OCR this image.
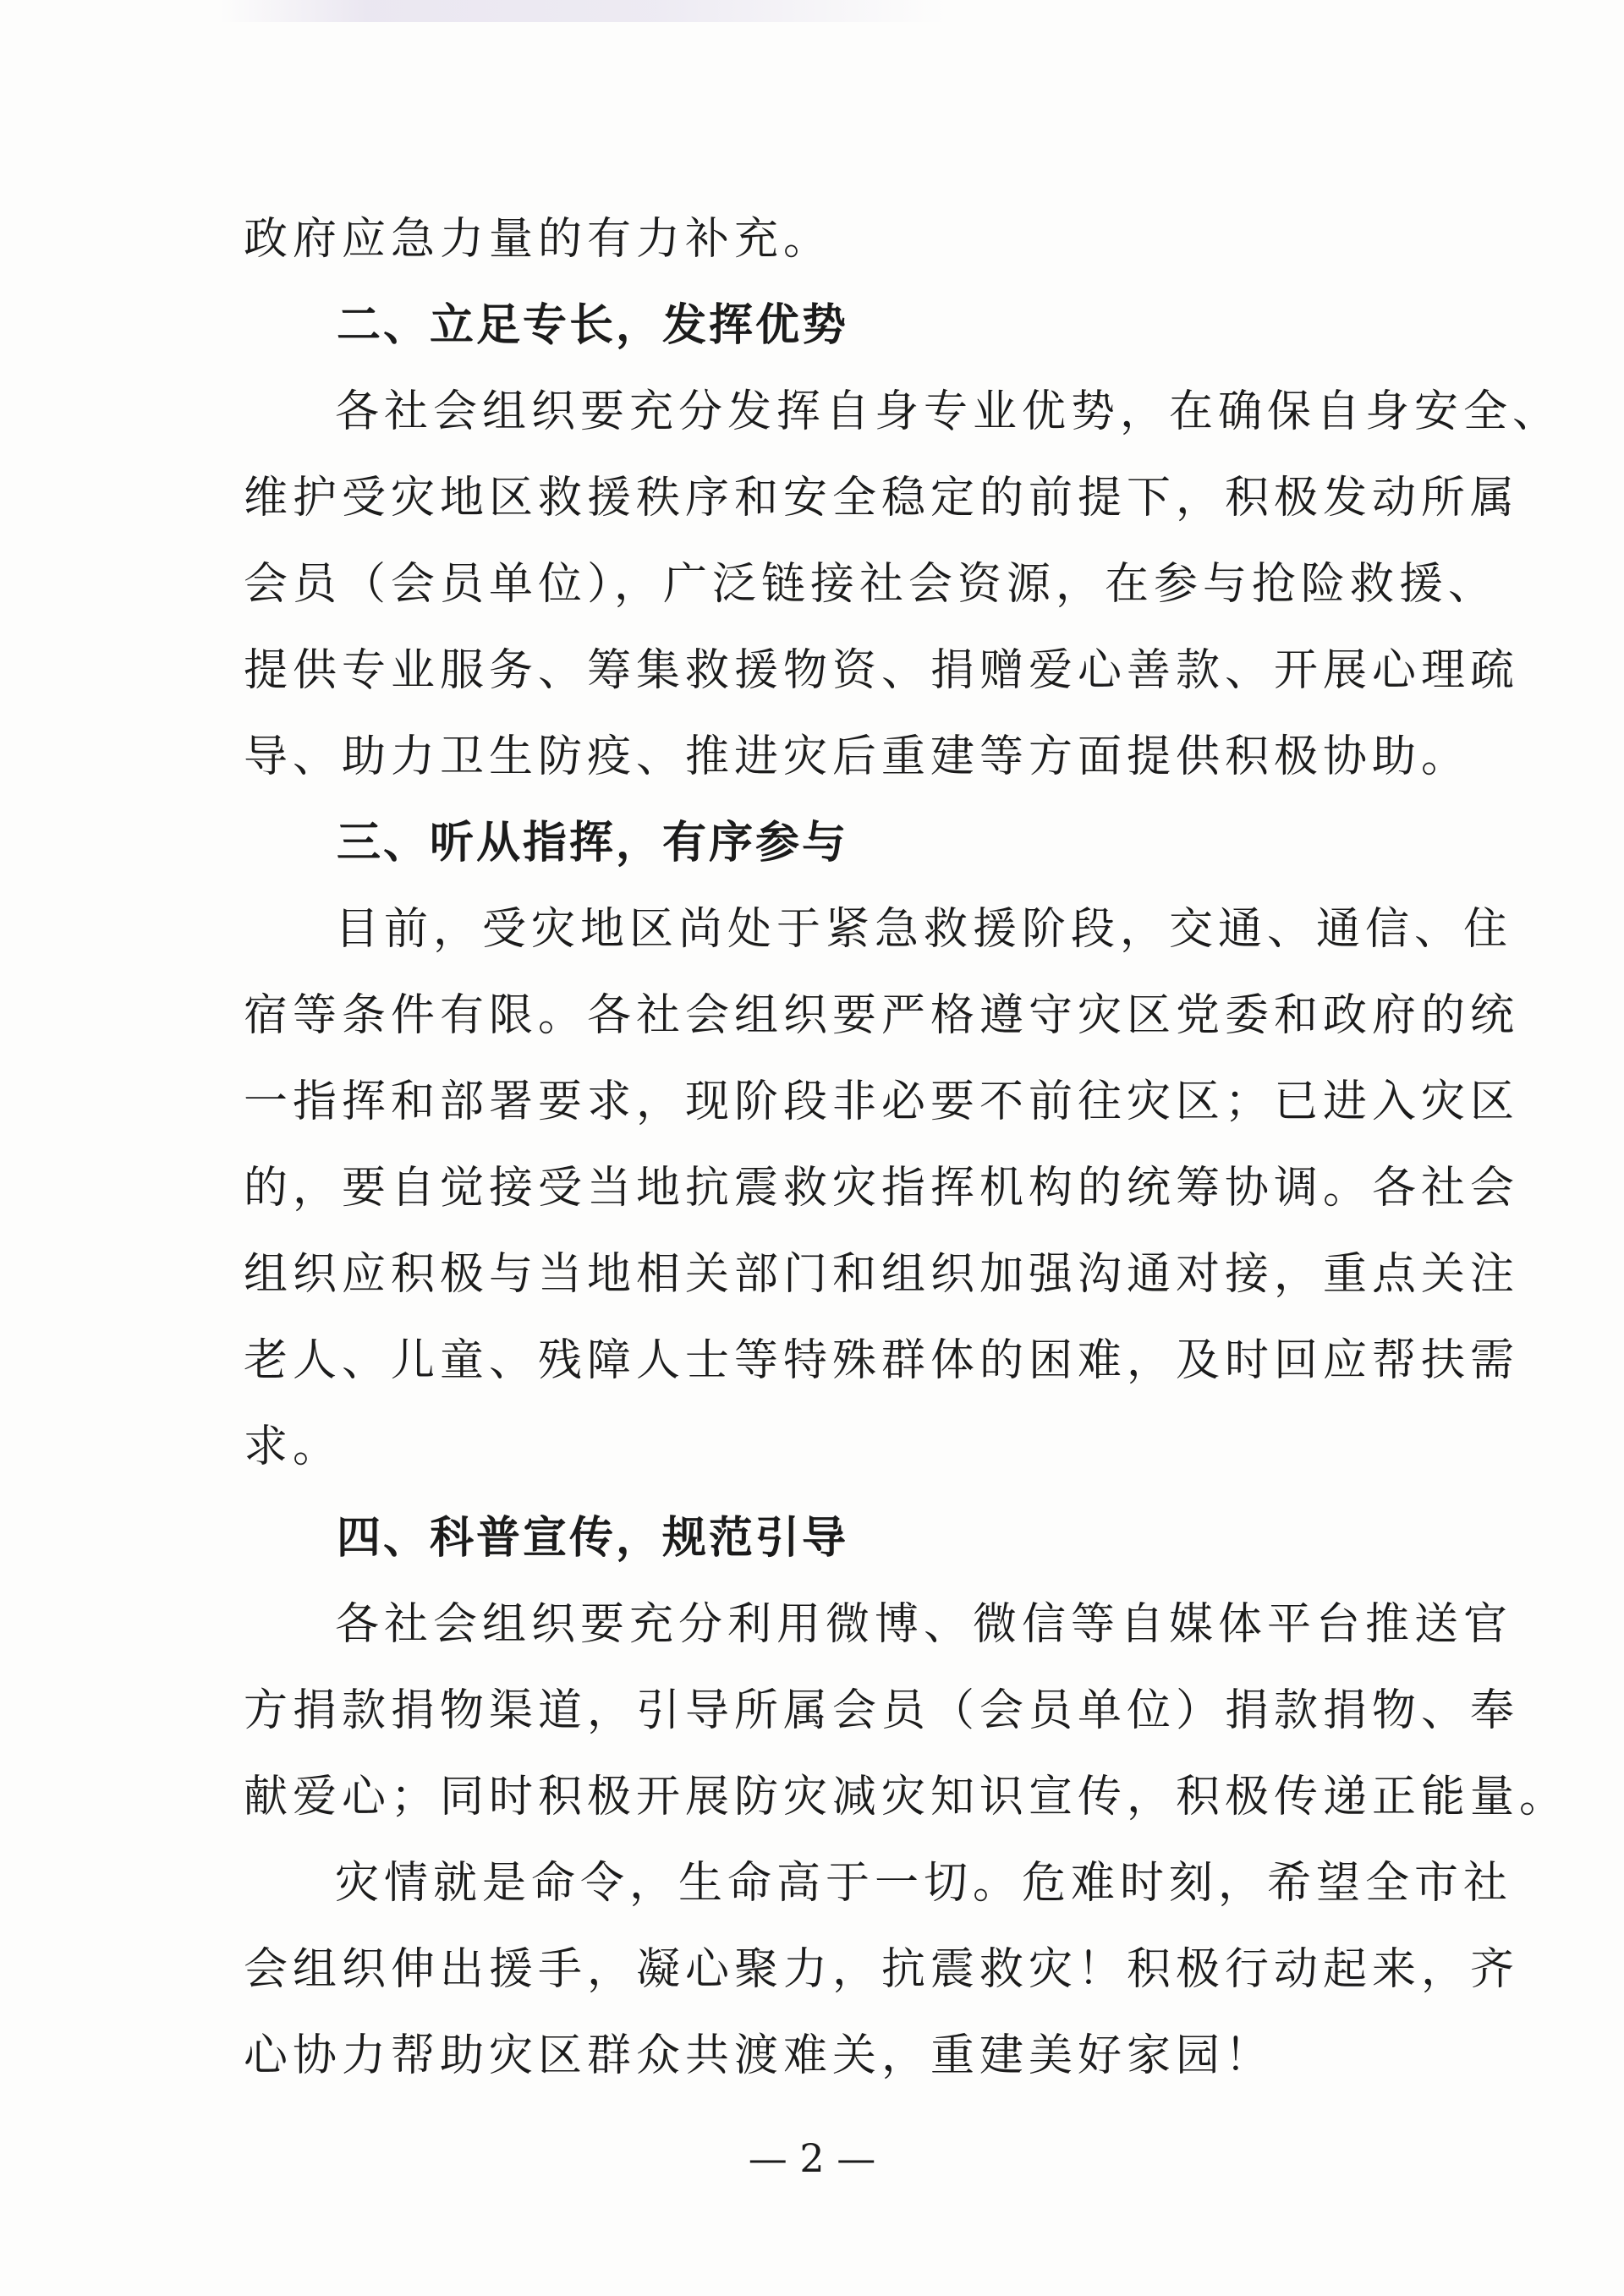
政府应急力量的有力补充。
二、立足专长，发挥优势
各社会组织要充分发挥自身专业优势，在确保自身安全、
维护受灾地区救援秩序和安全稳定的前提下，积极发动所属
会员（会员单位），广泛链接社会资源，在参与抢险救援、
提供专业服务、筹集救援物资、捐赠爱心善款、开展心理疏
导、助力卫生防疫、推进灾后重建等方面提供积极协助。
三、听从指挥，有序参与
目前，受灾地区尚处于紧急救援阶段，交通、通信、住
宿等条件有限。各社会组织要严格遵守灾区党委和政府的统
一指挥和部署要求，现阶段非必要不前往灾区；已进入灾区
的，要自觉接受当地抗震救灾指挥机构的统筹协调。各社会
组织应积极与当地相关部门和组织加强沟通对接，重点关注
老人、儿童、残障人士等特殊群体的困难，及时回应帮扶需
求。
四、科普宣传，规范引导
各社会组织要充分利用微博、微信等自媒体平台推送官
方捐款捐物渠道，引导所属会员（会员单位）捐款捐物、奉
献爱心；同时积极开展防灾减灾知识宣传，积极传递正能量。
灾情就是命令，生命高于一切。危难时刻，希望全市社
会组织伸出援手，凝心聚力，抗震救灾！积极行动起来，齐
心协力帮助灾区群众共渡难关，重建美好家园！
— 2 —
